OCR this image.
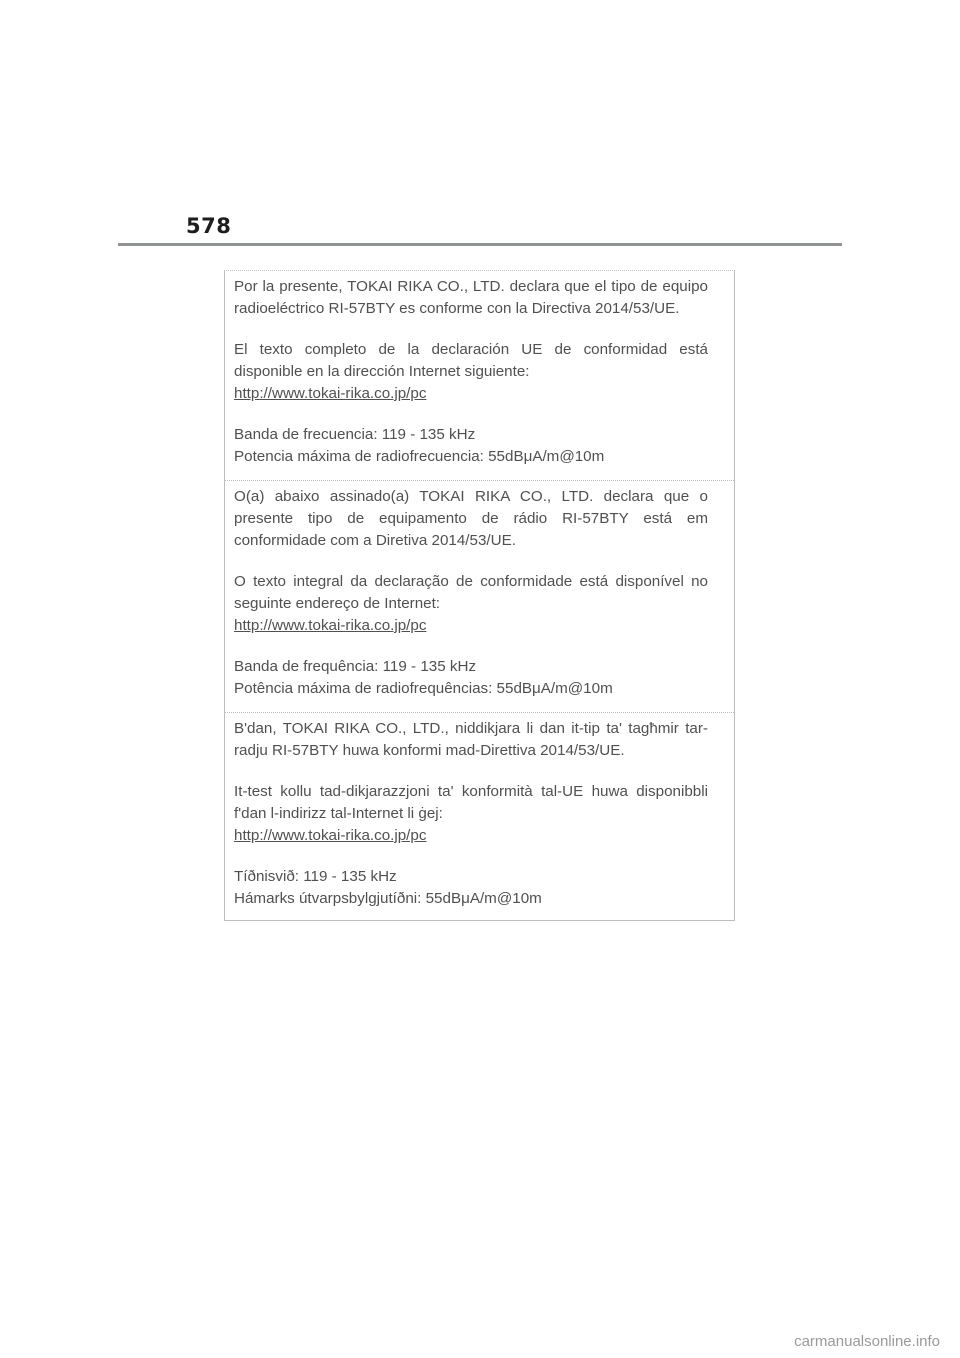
578

Por la presente, TOKAI RIKA CO., LTD. declara que el tipo de equipo radioeléctrico RI-57BTY es conforme con la Directiva 2014/53/UE.

El texto completo de la declaración UE de conformidad está disponible en la dirección Internet siguiente:

http://www.tokai-rika.co.jp/pc
Banda de frecuencia: 119 - 135 kHz
Potencia máxima de radiofrecuencia: 55dBμA/m@10m

O(a) abaixo assinado(a) TOKAI RIKA CO., LTD. declara que o presente tipo de equipamento de rádio RI-57BTY está em conformidade com a Diretiva 2014/53/UE.

O texto integral da declaração de conformidade está disponível no seguinte endereço de Internet:

http://www.tokai-rika.co.jp/pc
Banda de frequência: 119 - 135 kHz
Potência máxima de radiofrequências: 55dBμA/m@10m

B'dan, TOKAI RIKA CO., LTD., niddikjara li dan it-tip ta' tagħmir tar-radju RI-57BTY huwa konformi mad-Direttiva 2014/53/UE.

It-test kollu tad-dikjarazzjoni ta' konformità tal-UE huwa disponibbli f'dan l-indirizz tal-Internet li ġej:

http://www.tokai-rika.co.jp/pc
Tíðnisvið: 119 - 135 kHz
Hámarks útvarpsbylgjutíðni: 55dBμA/m@10m
carmanualsonline.info
